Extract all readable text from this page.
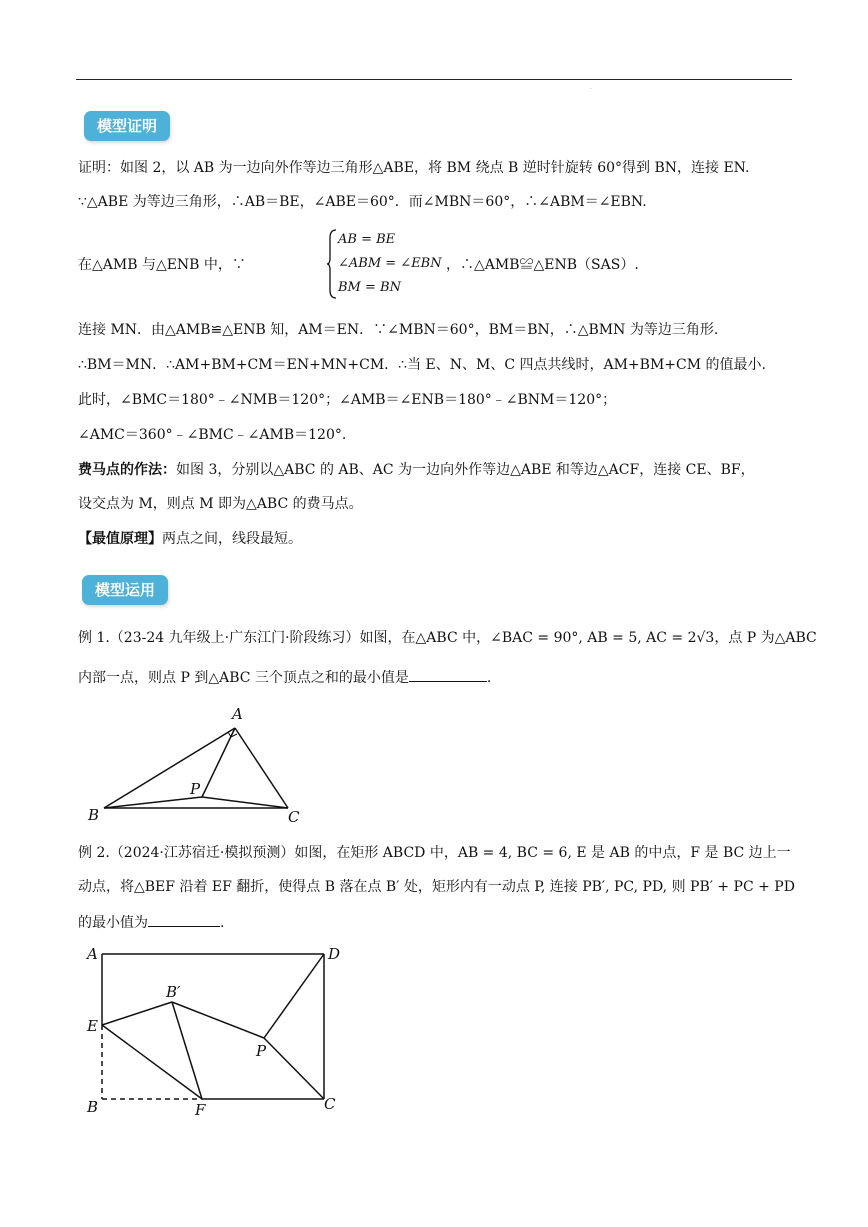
·
模型证明
证明：如图 2，以 AB 为一边向外作等边三角形△ABE，将 BM 绕点 B 逆时针旋转 60°得到 BN，连接 EN.
∵△ABE 为等边三角形，∴AB＝BE，∠ABE＝60°．而∠MBN＝60°，∴∠ABM＝∠EBN.
在△AMB 与△ENB 中，∵
AB = BE
∠ABM = ∠EBN
BM = BN
，∴△AMB≌△ENB（SAS）.
连接 MN．由△AMB≌△ENB 知，AM＝EN．∵∠MBN＝60°，BM＝BN，∴△BMN 为等边三角形.
∴BM＝MN．∴AM+BM+CM＝EN+MN+CM．∴当 E、N、M、C 四点共线时，AM+BM+CM 的值最小.
此时，∠BMC＝180°﹣∠NMB＝120°；∠AMB＝∠ENB＝180°﹣∠BNM＝120°；
∠AMC＝360°﹣∠BMC﹣∠AMB＝120°.
费马点的作法：如图 3，分别以△ABC 的 AB、AC 为一边向外作等边△ABE 和等边△ACF，连接 CE、BF，
设交点为 M，则点 M 即为△ABC 的费马点。
【最值原理】两点之间，线段最短。
模型运用
例 1.（23-24 九年级上·广东江门·阶段练习）如图，在△ABC 中，∠BAC = 90°, AB = 5, AC = 2√3，点 P 为△ABC
内部一点，则点 P 到△ABC 三个顶点之和的最小值是	.
A
B	C
P
例 2.（2024·江苏宿迁·模拟预测）如图，在矩形 ABCD 中，AB = 4, BC = 6, E 是 AB 的中点，F 是 BC 边上一
动点，将△BEF 沿着 EF 翻折，使得点 B 落在点 B′ 处，矩形内有一动点 P, 连接 PB′, PC, PD, 则 PB′ + PC + PD
的最小值为	.
A	D
E
B	F	C
B′
P
